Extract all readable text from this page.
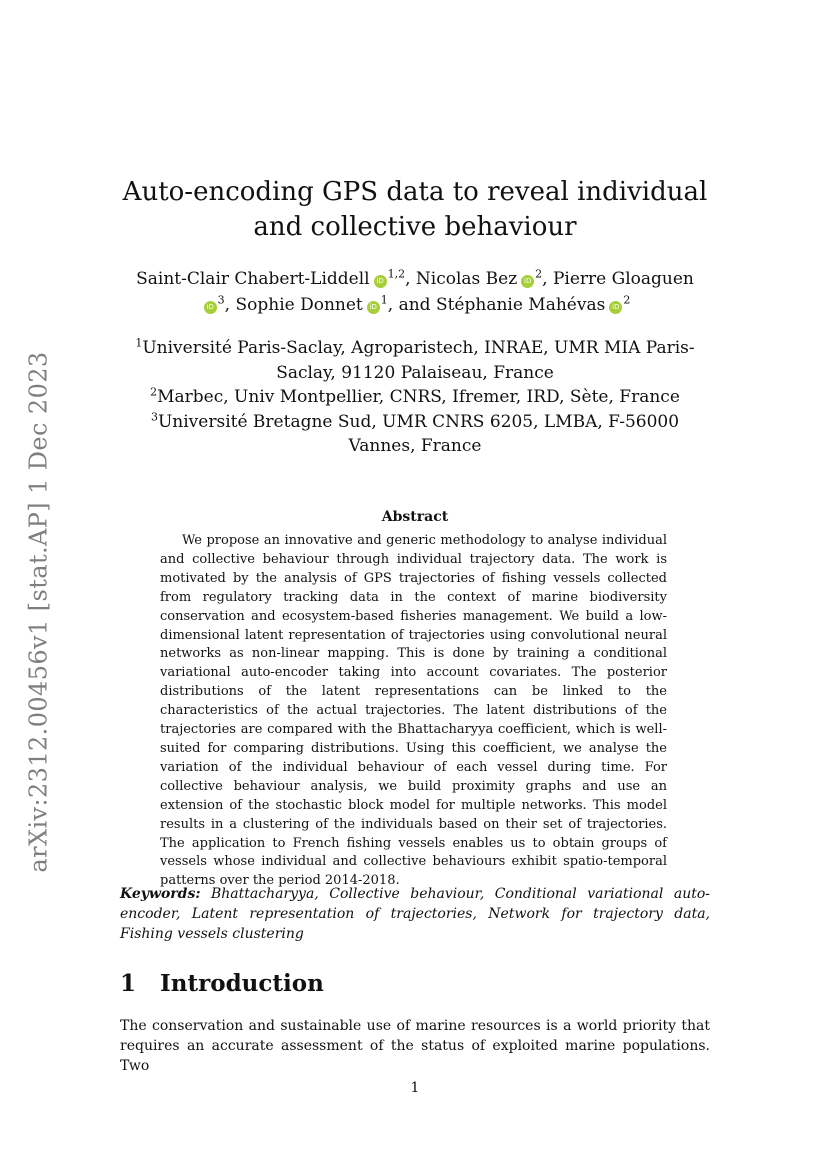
arXiv:2312.00456v1 [stat.AP] 1 Dec 2023
Auto-encoding GPS data to reveal individual and collective behaviour
Saint-Clair Chabert-Liddell iD$^{1,2}$, Nicolas Bez $iD^2$, Pierre Gloaguen
$iD^3$, Sophie Donnet $iD^1$, and Stéphanie Mahévas $iD^2$
$^1$Université Paris-Saclay, Agroparistech, INRAE, UMR MIA Paris-Saclay, 91120 Palaiseau, France
$^2$Marbec, Univ Montpellier, CNRS, Ifremer, IRD, Sète, France
$^3$Université Bretagne Sud, UMR CNRS 6205, LMBA, F-56000 Vannes, France
Abstract
We propose an innovative and generic methodology to analyse individual and collective behaviour through individual trajectory data. The work is motivated by the analysis of GPS trajectories of fishing vessels collected from regulatory tracking data in the context of marine biodiversity conservation and ecosystem-based fisheries management. We build a low-dimensional latent representation of trajectories using convolutional neural networks as non-linear mapping. This is done by training a conditional variational auto-encoder taking into account covariates. The posterior distributions of the latent representations can be linked to the characteristics of the actual trajectories. The latent distributions of the trajectories are compared with the Bhattacharyya coefficient, which is well-suited for comparing distributions. Using this coefficient, we analyse the variation of the individual behaviour of each vessel during time. For collective behaviour analysis, we build proximity graphs and use an extension of the stochastic block model for multiple networks. This model results in a clustering of the individuals based on their set of trajectories. The application to French fishing vessels enables us to obtain groups of vessels whose individual and collective behaviours exhibit spatio-temporal patterns over the period 2014-2018.
Keywords: Bhattacharyya, Collective behaviour, Conditional variational auto-encoder, Latent representation of trajectories, Network for trajectory data, Fishing vessels clustering
1 Introduction
The conservation and sustainable use of marine resources is a world priority that requires an accurate assessment of the status of exploited marine populations. Two
1
